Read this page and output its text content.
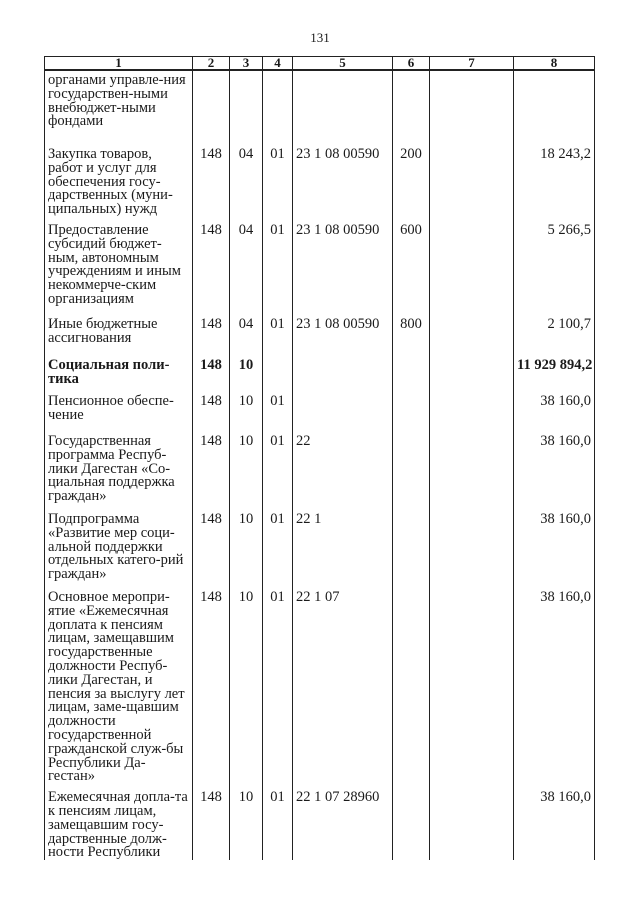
131
1	2	3	4	5	6	7	8
органами управле-ния государствен-ными внебюджет-ными фондами							
Закупка товаров, работ и услуг для обеспечения госу-дарственных (муни-ципальных) нужд	148	04	01	23 1 08 00590	200		18 243,2
Предоставление субсидий бюджет-ным, автономным учреждениям и иным некоммерче-ским организациям	148	04	01	23 1 08 00590	600		5 266,5
Иные бюджетные ассигнования	148	04	01	23 1 08 00590	800		2 100,7
Социальная поли-тика	148	10					11 929 894,2
Пенсионное обеспе-чение	148	10	01				38 160,0
Государственная программа Респуб-лики Дагестан «Со-циальная поддержка граждан»	148	10	01	22			38 160,0
Подпрограмма «Развитие мер соци-альной поддержки отдельных катего-рий граждан»	148	10	01	22 1			38 160,0
Основное меропри-ятие «Ежемесячная доплата к пенсиям лицам, замещавшим государственные должности Респуб-лики Дагестан, и пенсия за выслугу лет лицам, заме-щавшим должности государственной гражданской служ-бы Республики Да-гестан»	148	10	01	22 1 07			38 160,0
Ежемесячная допла-та к пенсиям лицам, замещавшим госу-дарственные долж-ности Республики	148	10	01	22 1 07 28960			38 160,0
